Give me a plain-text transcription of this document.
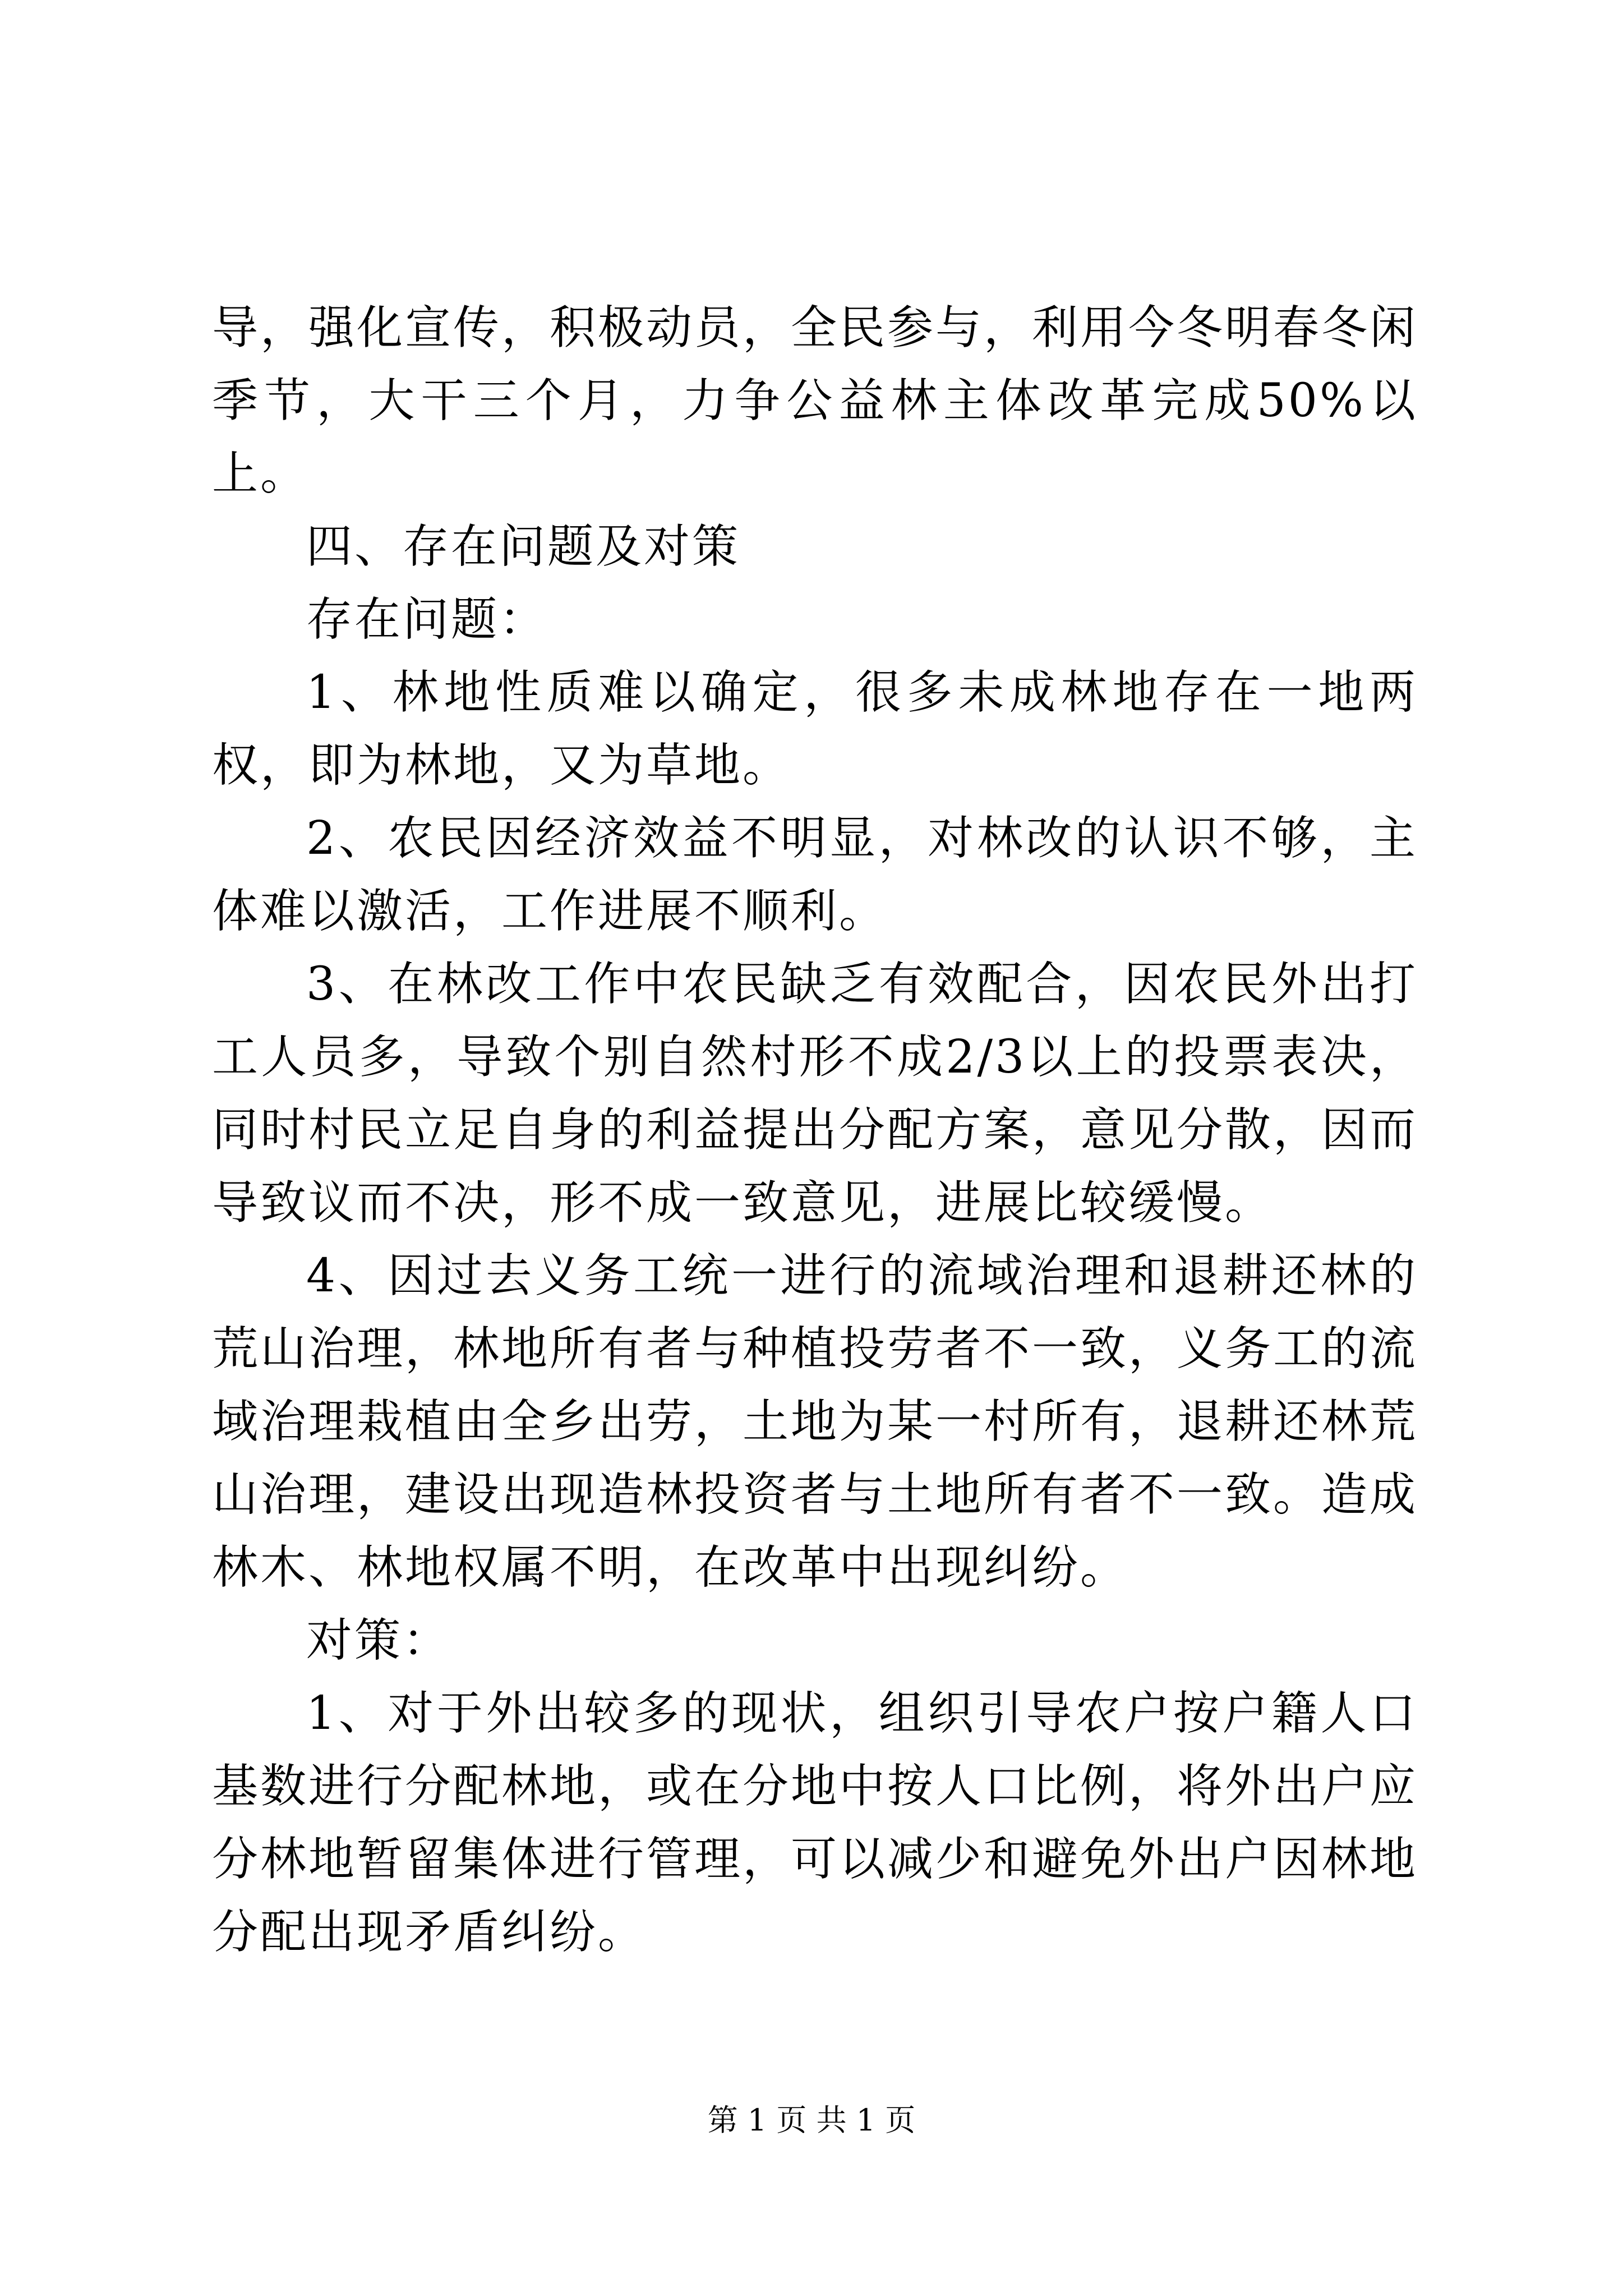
导，强化宣传，积极动员，全民参与，利用今冬明春冬闲季节，大干三个月，力争公益林主体改革完成50%以上。

四、存在问题及对策

存在问题：

1、林地性质难以确定，很多未成林地存在一地两权，即为林地，又为草地。

2、农民因经济效益不明显，对林改的认识不够，主体难以激活，工作进展不顺利。

3、在林改工作中农民缺乏有效配合，因农民外出打工人员多，导致个别自然村形不成2/3以上的投票表决，同时村民立足自身的利益提出分配方案，意见分散，因而导致议而不决，形不成一致意见，进展比较缓慢。

4、因过去义务工统一进行的流域治理和退耕还林的荒山治理，林地所有者与种植投劳者不一致，义务工的流域治理栽植由全乡出劳，土地为某一村所有，退耕还林荒山治理，建设出现造林投资者与土地所有者不一致。造成林木、林地权属不明，在改革中出现纠纷。

对策：

1、对于外出较多的现状，组织引导农户按户籍人口基数进行分配林地，或在分地中按人口比例，将外出户应分林地暂留集体进行管理，可以减少和避免外出户因林地分配出现矛盾纠纷。

第 1 页 共 1 页
